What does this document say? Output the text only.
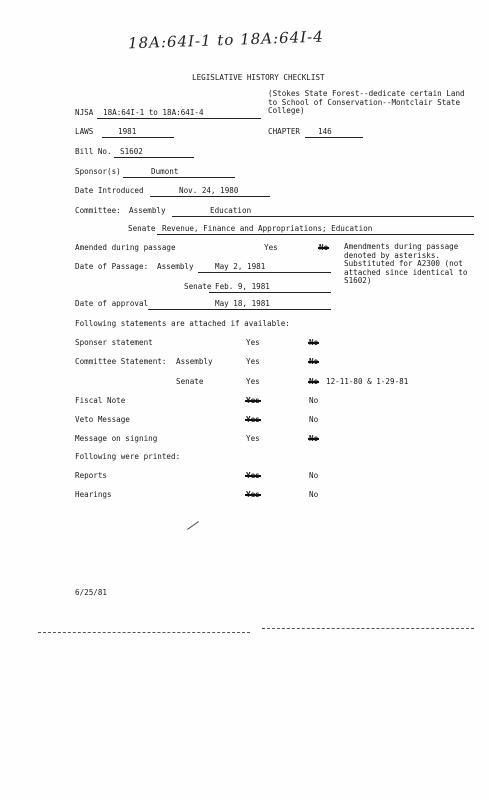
18A:64I-1 to 18A:64I-4
LEGISLATIVE HISTORY CHECKLIST
(Stokes State Forest--dedicate certain Land to School of Conservation--Montclair State College)
NJSA 18A:64I-1 to 18A:64I-4
LAWS	1981	CHAPTER 146
Bill No. S1602
Sponsor(s)	Dumont
Date Introduced	Nov. 24, 1980
Committee: Assembly	Education
Senate Revenue, Finance and Appropriations; Education
Amended during passage	Yes	No Amendments during passage denoted by asterisks. Substituted for A2300 (not attached since identical to S1602)
Date of Passage: Assembly	May 2, 1981
Senate Feb. 9, 1981
Date of approval	May 18, 1981
Following statements are attached if available:
Sponser statement	Yes	No
Committee Statement: Assembly	Yes	No
Senate	Yes	No 12-11-80 & 1-29-81
Fiscal Note	Yes	No
Veto Message	Yes	No
Message on signing	Yes	No
Following were printed:
Reports	Yes	No
Hearings	Yes	No
6/25/81
